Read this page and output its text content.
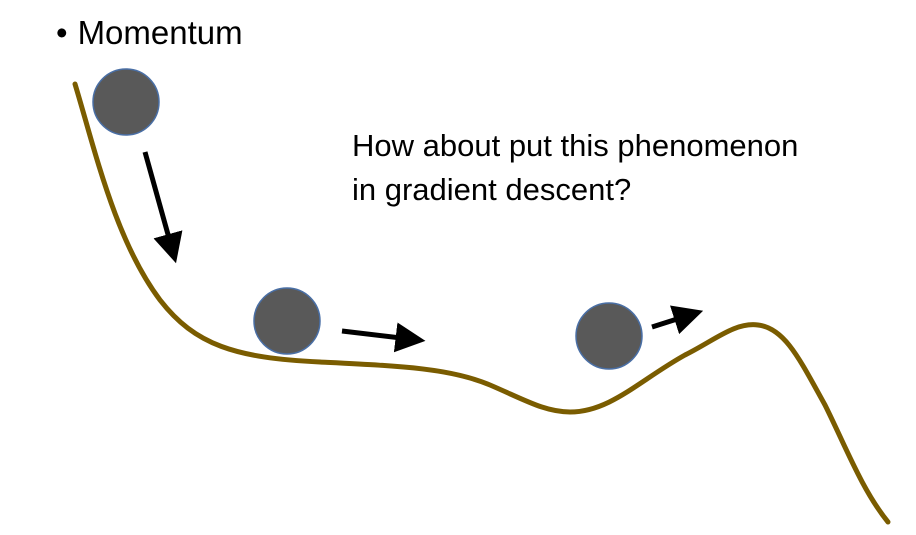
• Momentum
How about put this phenomenon
in gradient descent?
